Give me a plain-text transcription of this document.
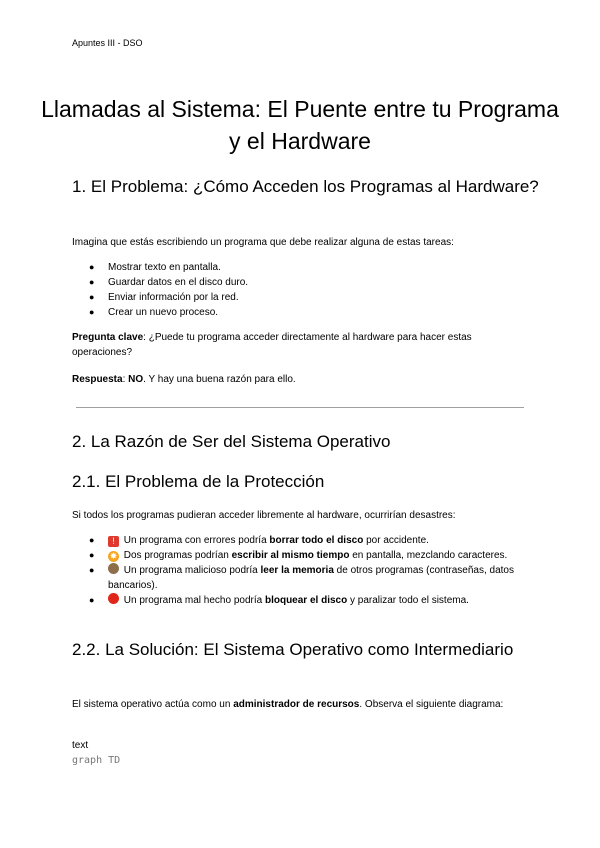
Apuntes III - DSO
Llamadas al Sistema: El Puente entre tu Programa y el Hardware
1. El Problema: ¿Cómo Acceden los Programas al Hardware?

Imagina que estás escribiendo un programa que debe realizar alguna de estas tareas:

● Mostrar texto en pantalla.
● Guardar datos en el disco duro.
● Enviar información por la red.
● Crear un nuevo proceso.

Pregunta clave: ¿Puede tu programa acceder directamente al hardware para hacer estas operaciones?

Respuesta: NO. Y hay una buena razón para ello.

2. La Razón de Ser del Sistema Operativo
2.1. El Problema de la Protección

Si todos los programas pudieran acceder libremente al hardware, ocurrirían desastres:

● ! Un programa con errores podría borrar todo el disco por accidente.
● ✸ Dos programas podrían escribir al mismo tiempo en pantalla, mezclando caracteres.
●	Un programa malicioso podría leer la memoria de otros programas (contraseñas, datos bancarios).
●	Un programa mal hecho podría bloquear el disco y paralizar todo el sistema.
2.2. La Solución: El Sistema Operativo como Intermediario

El sistema operativo actúa como un administrador de recursos. Observa el siguiente diagrama:

text
graph TD
